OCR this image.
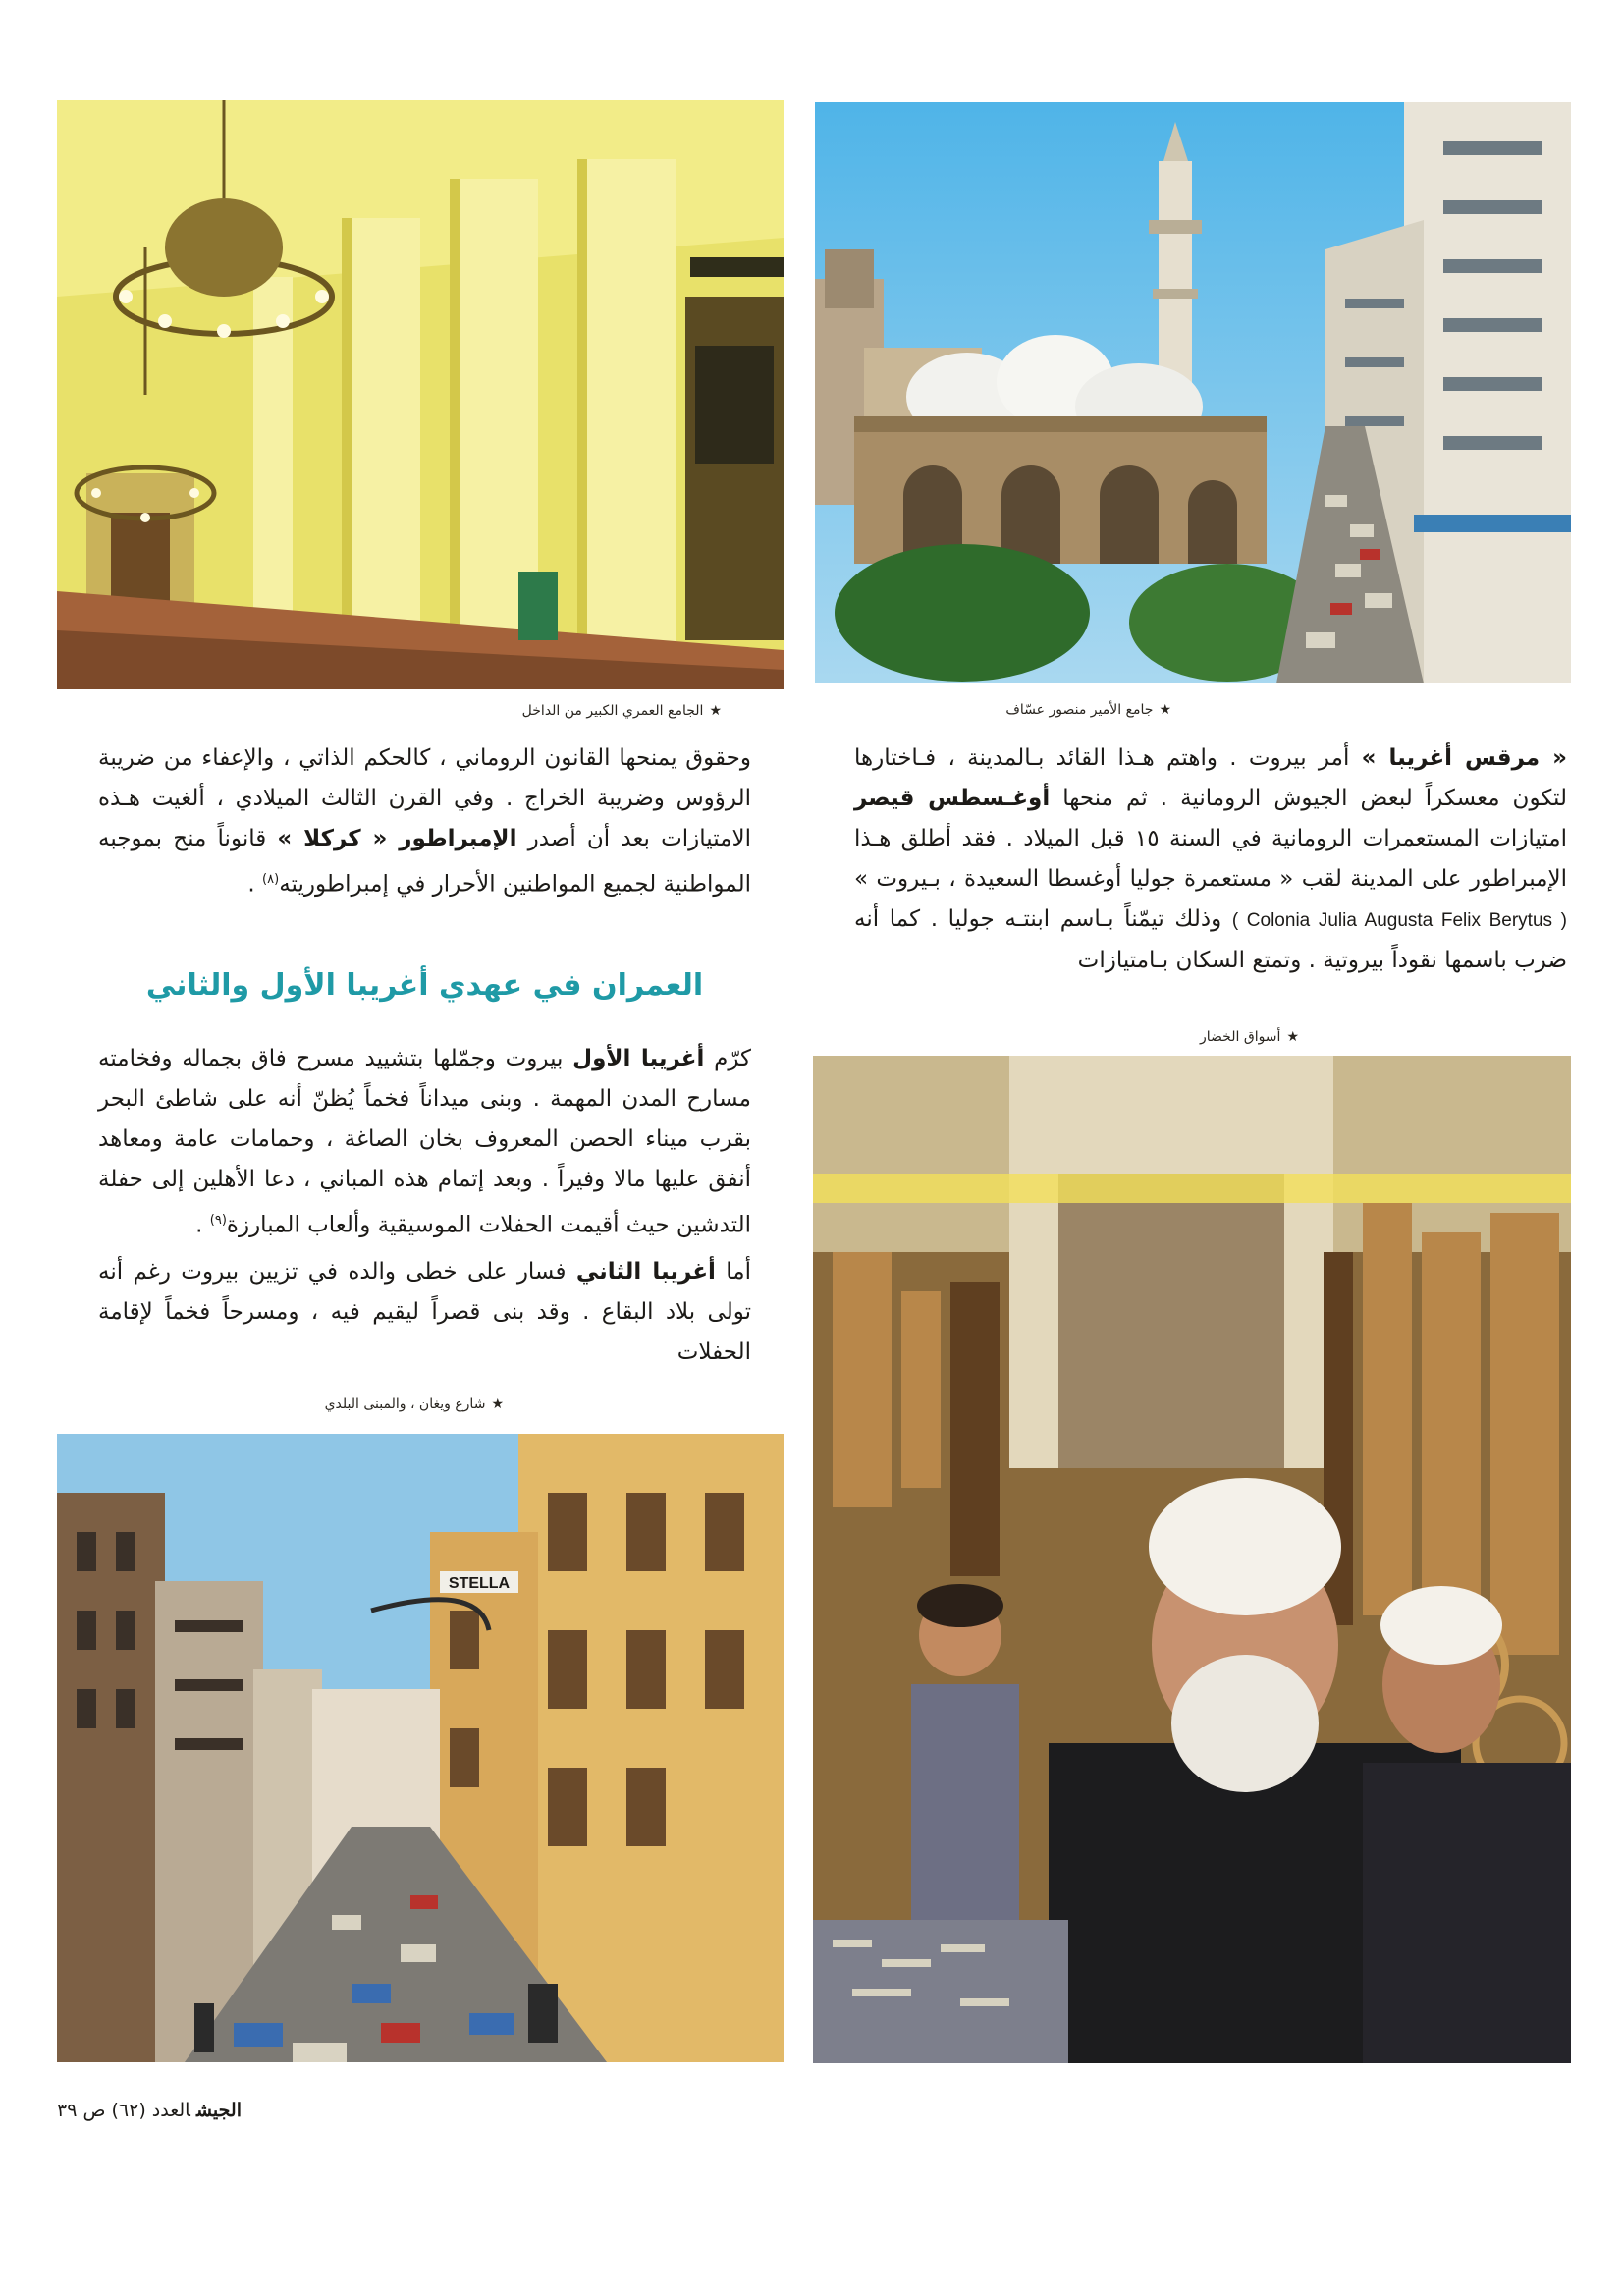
★جامع الأمير منصور عسّاف
★الجامع العمري الكبير من الداخل

« مرقس أغريبا » أمر بيروت . واهتم هـذا القائد بـالمدينة ، فـاختارها لتكون معسكراً لبعض الجيوش الرومانية . ثم منحها أوغـسطس قيصر امتيازات المستعمرات الرومانية في السنة ١٥ قبل الميلاد . فقد أطلق هـذا الإمبراطور على المدينة لقب « مستعمرة جوليا أوغسطا السعيدة ، بـيروت » ( Colonia Julia Augusta Felix Berytus ) وذلك تيمّناً بـاسم ابنتـه جوليا . كما أنه ضرب باسمها نقوداً بيروتية . وتمتع السكان بـامتيازات

★أسواق الخضار

وحقوق يمنحها القانون الروماني ، كالحكم الذاتي ، والإعفاء من ضريبة الرؤوس وضريبة الخراج . وفي القرن الثالث الميلادي ، ألغيت هـذه الامتيازات بعد أن أصدر الإمبراطور « كركلا » قانوناً منح بموجبه المواطنية لجميع المواطنين الأحرار في إمبراطوريته$^{(٨)}$ .

العمران في عهدي أغريبا الأول والثاني

كرّم أغريبا الأول بيروت وجمّلها بتشييد مسرح فاق بجماله وفخامته مسارح المدن المهمة . وبنى ميداناً فخماً يُظنّ أنه على شاطئ البحر بقرب ميناء الحصن المعروف بخان الصاغة ، وحمامات عامة ومعاهد أنفق عليها مالا وفيراً . وبعد إتمام هذه المباني ، دعا الأهلين إلى حفلة التدشين حيث أقيمت الحفلات الموسيقية وألعاب المبارزة$^{(٩)}$ .

أما أغريبا الثاني فسار على خطى والده في تزيين بيروت رغم أنه تولى بلاد البقاع . وقد بنى قصراً ليقيم فيه ، ومسرحاً فخماً لإقامة الحفلات

★شارع ويغان ، والمبنى البلدي
STELLA
الجيشالعدد (٦٢) ص ٣٩
